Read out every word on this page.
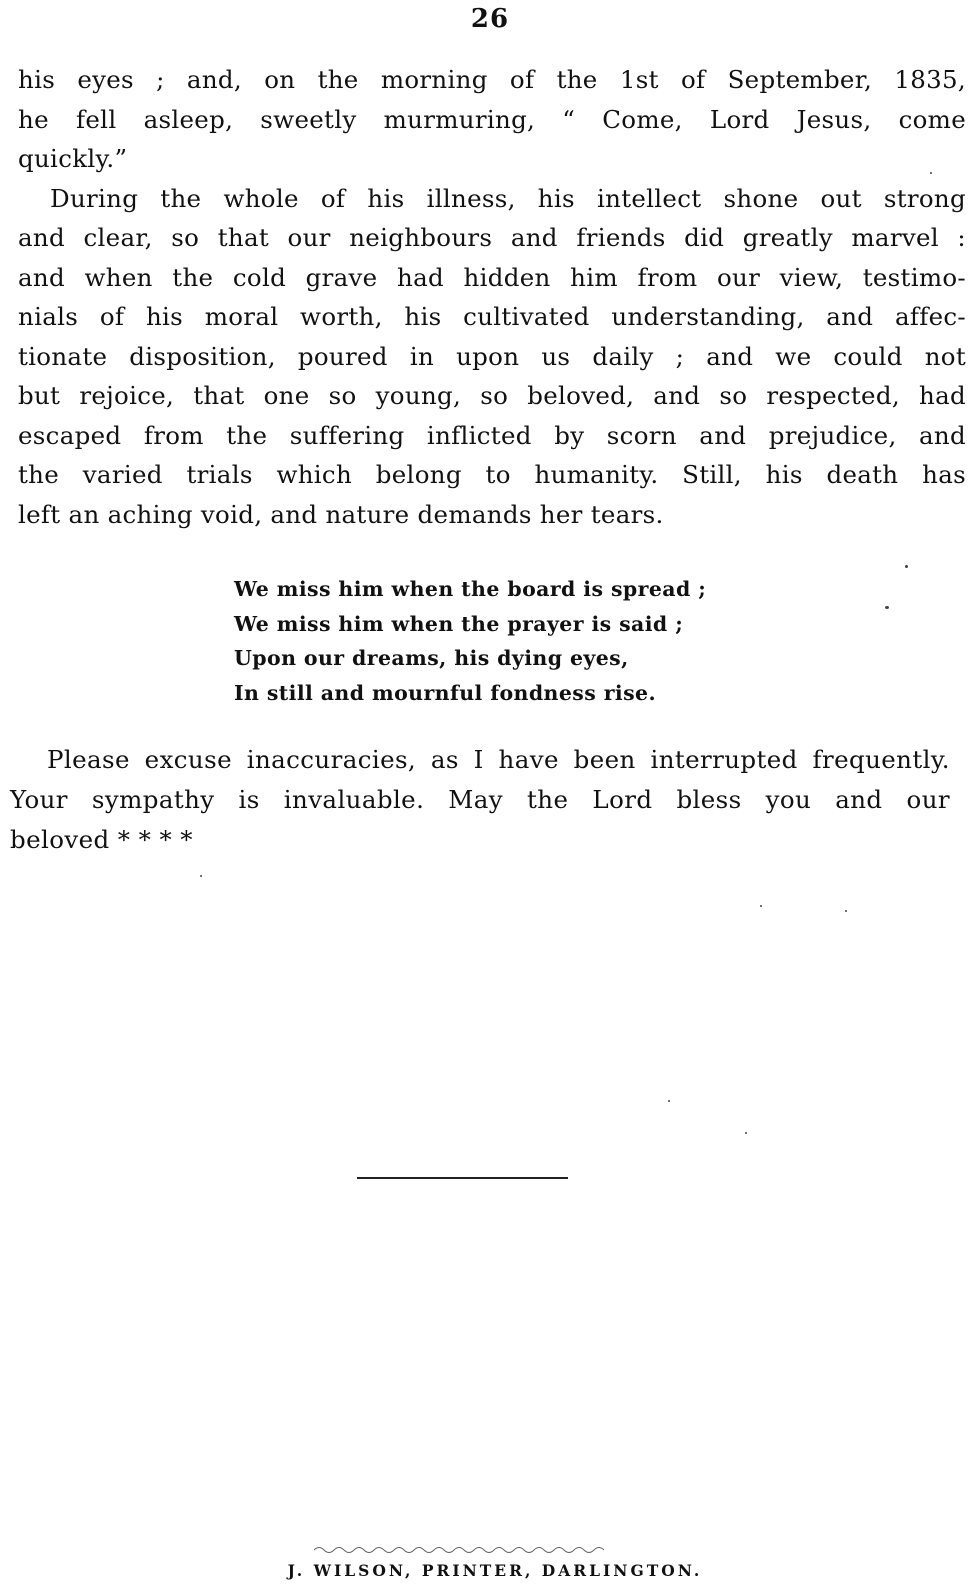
26
his eyes ; and, on the morning of the 1st of September, 1835,
he fell asleep, sweetly murmuring, “ Come, Lord Jesus, come
quickly.”
During the whole of his illness, his intellect shone out strong
and clear, so that our neighbours and friends did greatly marvel :
and when the cold grave had hidden him from our view, testimo-
nials of his moral worth, his cultivated understanding, and affec-
tionate disposition, poured in upon us daily ; and we could not
but rejoice, that one so young, so beloved, and so respected, had
escaped from the suffering inflicted by scorn and prejudice, and
the varied trials which belong to humanity. Still, his death has
left an aching void, and nature demands her tears.
We miss him when the board is spread ;
We miss him when the prayer is said ;
Upon our dreams, his dying eyes,
In still and mournful fondness rise.
Please excuse inaccuracies, as I have been interrupted frequently.
Your sympathy is invaluable. May the Lord bless you and our
beloved * * * *
J. WILSON, PRINTER, DARLINGTON.
